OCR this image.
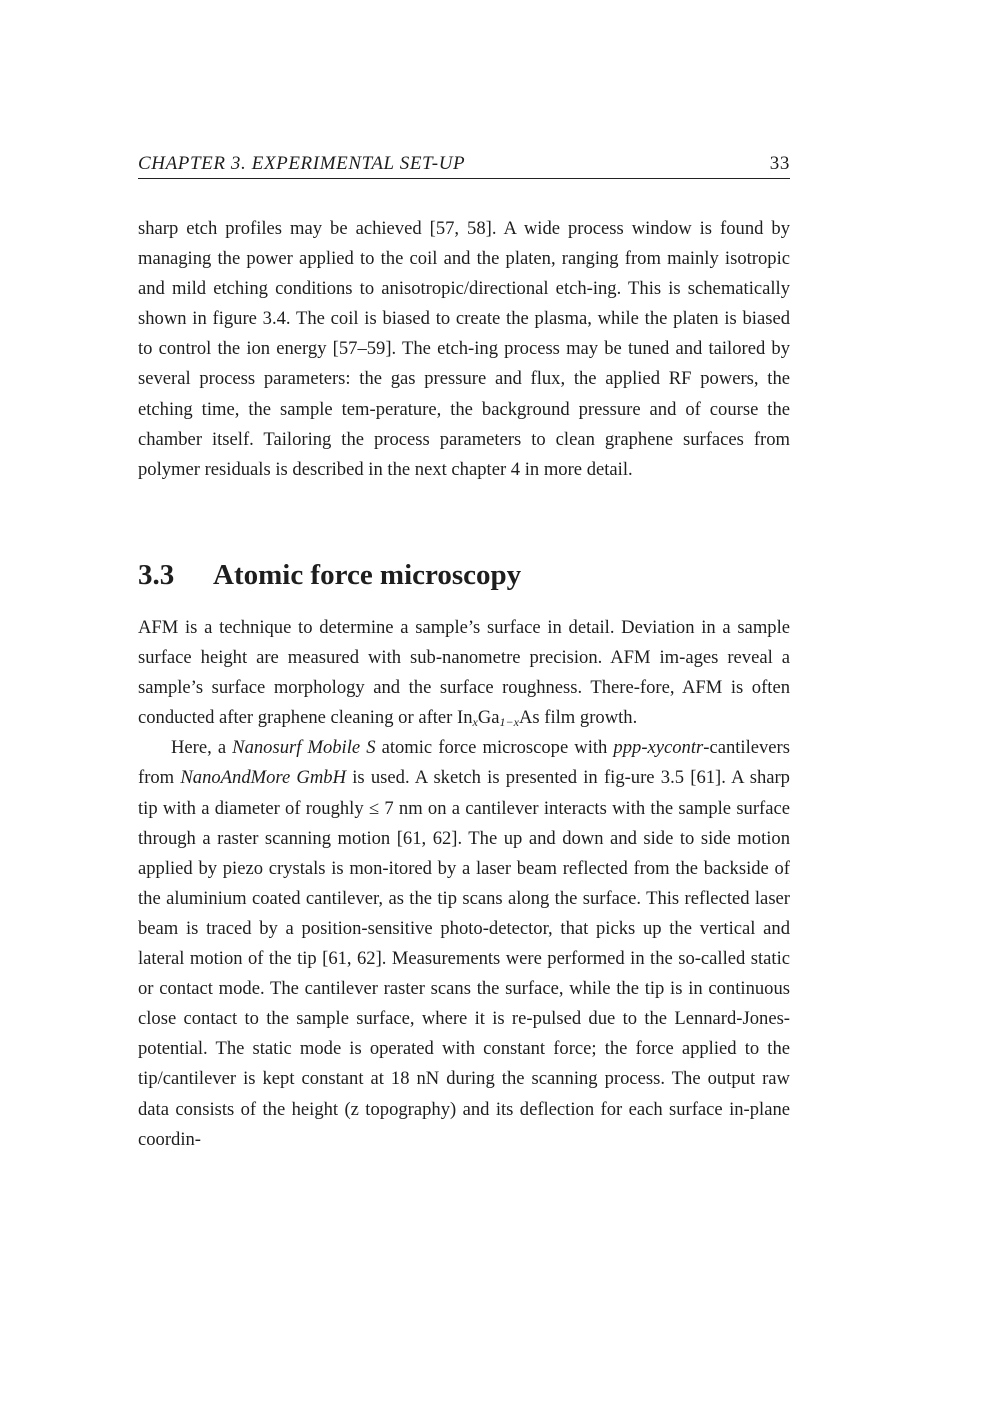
CHAPTER 3. EXPERIMENTAL SET-UP	33

sharp etch profiles may be achieved [57, 58]. A wide process window is found by managing the power applied to the coil and the platen, ranging from mainly isotropic and mild etching conditions to anisotropic/directional etch-ing. This is schematically shown in figure 3.4. The coil is biased to create the plasma, while the platen is biased to control the ion energy [57–59]. The etch-ing process may be tuned and tailored by several process parameters: the gas pressure and flux, the applied RF powers, the etching time, the sample tem-perature, the background pressure and of course the chamber itself. Tailoring the process parameters to clean graphene surfaces from polymer residuals is described in the next chapter 4 in more detail.

3.3 Atomic force microscopy

AFM is a technique to determine a sample’s surface in detail. Deviation in a sample surface height are measured with sub-nanometre precision. AFM im-ages reveal a sample’s surface morphology and the surface roughness. There-fore, AFM is often conducted after graphene cleaning or after $In_xGa_{1-x}As$ film growth.

Here, a Nanosurf Mobile S atomic force microscope with ppp-xycontr-cantilevers from NanoAndMore GmbH is used. A sketch is presented in fig-ure 3.5 [61]. A sharp tip with a diameter of roughly ≤ 7 nm on a cantilever interacts with the sample surface through a raster scanning motion [61, 62]. The up and down and side to side motion applied by piezo crystals is mon-itored by a laser beam reflected from the backside of the aluminium coated cantilever, as the tip scans along the surface. This reflected laser beam is traced by a position-sensitive photo-detector, that picks up the vertical and lateral motion of the tip [61, 62]. Measurements were performed in the so-called static or contact mode. The cantilever raster scans the surface, while the tip is in continuous close contact to the sample surface, where it is re-pulsed due to the Lennard-Jones-potential. The static mode is operated with constant force; the force applied to the tip/cantilever is kept constant at 18 nN during the scanning process. The output raw data consists of the height (z topography) and its deflection for each surface in-plane coordin-
